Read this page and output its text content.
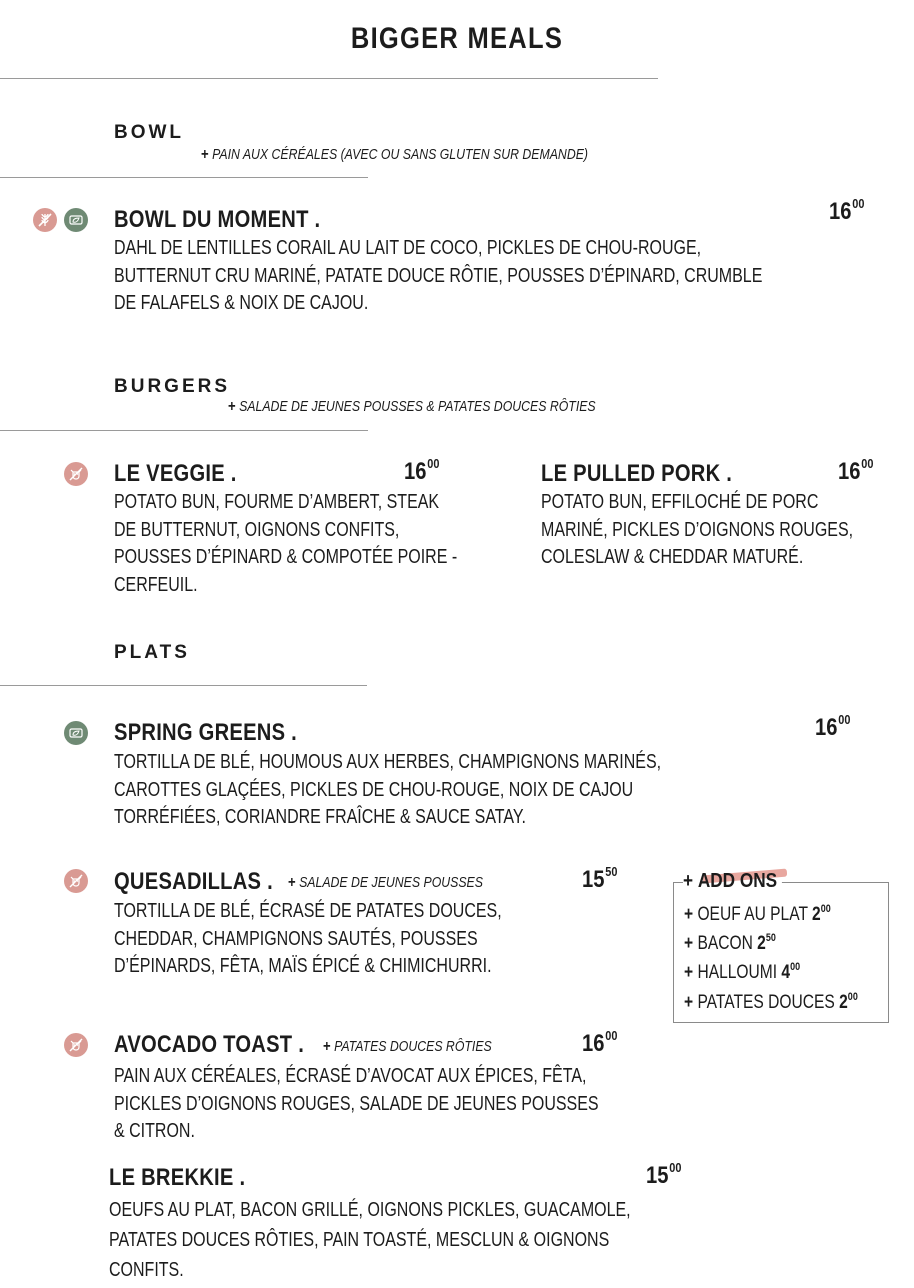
BIGGER MEALS
BOWL
+ PAIN AUX CÉRÉALES (AVEC OU SANS GLUTEN SUR DEMANDE)
BOWL DU MOMENT .	$16^{00}$
DAHL DE LENTILLES CORAIL AU LAIT DE COCO, PICKLES DE CHOU-ROUGE, BUTTERNUT CRU MARINÉ, PATATE DOUCE RÔTIE, POUSSES D’ÉPINARD, CRUMBLE DE FALAFELS & NOIX DE CAJOU.
BURGERS
+ SALADE DE JEUNES POUSSES & PATATES DOUCES RÔTIES
LE VEGGIE .	$16^{00}$
POTATO BUN, FOURME D’AMBERT, STEAK DE BUTTERNUT, OIGNONS CONFITS, POUSSES D’ÉPINARD & COMPOTÉE POIRE - CERFEUIL.
LE PULLED PORK .	$16^{00}$
POTATO BUN, EFFILOCHÉ DE PORC MARINÉ, PICKLES D’OIGNONS ROUGES, COLESLAW & CHEDDAR MATURÉ.
PLATS
SPRING GREENS .	$16^{00}$
TORTILLA DE BLÉ, HOUMOUS AUX HERBES, CHAMPIGNONS MARINÉS, CAROTTES GLAÇÉES, PICKLES DE CHOU-ROUGE, NOIX DE CAJOU TORRÉFIÉES, CORIANDRE FRAÎCHE & SAUCE SATAY.
QUESADILLAS . + SALADE DE JEUNES POUSSES	$15^{50}$
TORTILLA DE BLÉ, ÉCRASÉ DE PATATES DOUCES, CHEDDAR, CHAMPIGNONS SAUTÉS, POUSSES D’ÉPINARDS, FÊTA, MAÏS ÉPICÉ & CHIMICHURRI.
+ ADD ONS
+ OEUF AU PLAT $2^{00}$
+ BACON $2^{50}$
+ HALLOUMI $4^{00}$
+ PATATES DOUCES $2^{00}$
AVOCADO TOAST . + PATATES DOUCES RÔTIES	$16^{00}$
PAIN AUX CÉRÉALES, ÉCRASÉ D’AVOCAT AUX ÉPICES, FÊTA, PICKLES D’OIGNONS ROUGES, SALADE DE JEUNES POUSSES & CITRON.
LE BREKKIE .	$15^{00}$
OEUFS AU PLAT, BACON GRILLÉ, OIGNONS PICKLES, GUACAMOLE, PATATES DOUCES RÔTIES, PAIN TOASTÉ, MESCLUN & OIGNONS CONFITS.
